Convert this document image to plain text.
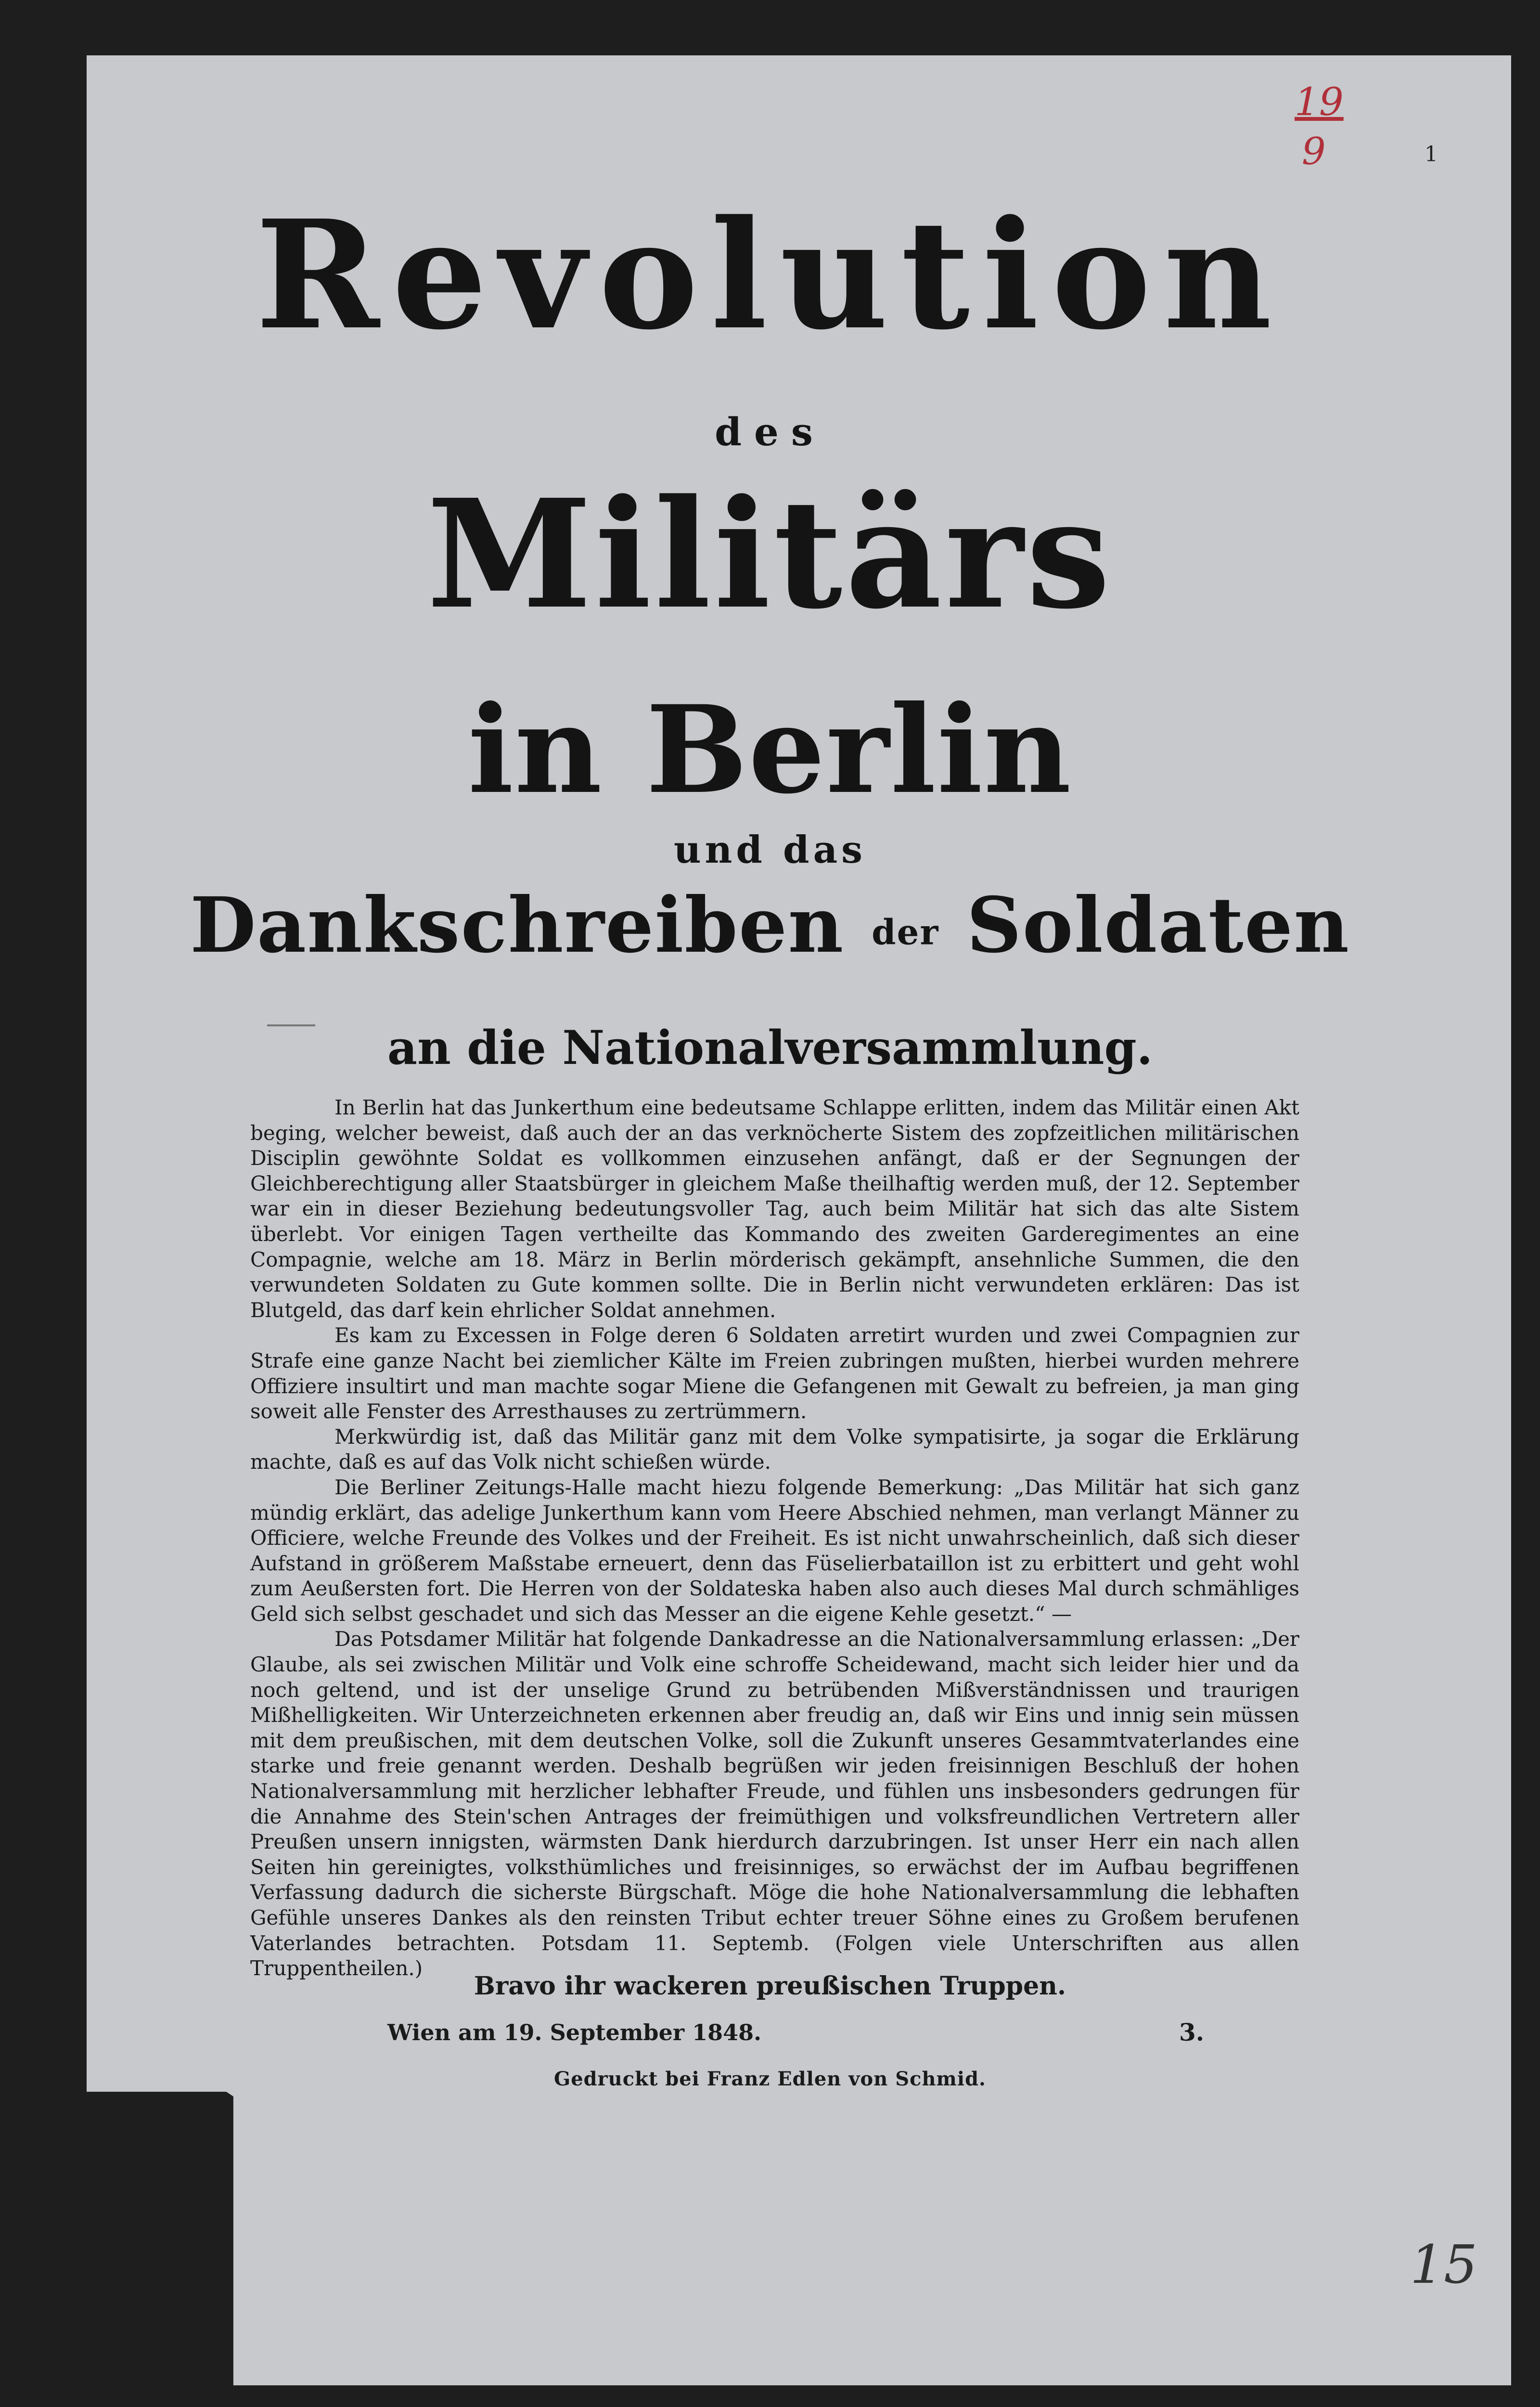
19
9	1
Revolution
des
Militärs
in Berlin
und das
Dankschreiben der Soldaten
an die Nationalversammlung.

In Berlin hat das Junkerthum eine bedeutsame Schlappe erlitten, indem das Militär einen Akt beging, welcher beweist, daß auch der an das verknöcherte Sistem des zopfzeitlichen militärischen Disciplin gewöhnte Soldat es vollkommen einzusehen anfängt, daß er der Segnungen der Gleichberechtigung aller Staatsbürger in gleichem Maße theilhaftig werden muß, der 12. September war ein in dieser Beziehung bedeutungsvoller Tag, auch beim Militär hat sich das alte Sistem überlebt. Vor einigen Tagen vertheilte das Kommando des zweiten Garderegimentes an eine Compagnie, welche am 18. März in Berlin mörderisch gekämpft, ansehnliche Summen, die den verwundeten Soldaten zu Gute kommen sollte. Die in Berlin nicht verwundeten erklären: Das ist Blutgeld, das darf kein ehrlicher Soldat annehmen.

Es kam zu Excessen in Folge deren 6 Soldaten arretirt wurden und zwei Compagnien zur Strafe eine ganze Nacht bei ziemlicher Kälte im Freien zubringen mußten, hierbei wurden mehrere Offiziere insultirt und man machte sogar Miene die Gefangenen mit Gewalt zu befreien, ja man ging soweit alle Fenster des Arresthauses zu zertrümmern.

Merkwürdig ist, daß das Militär ganz mit dem Volke sympatisirte, ja sogar die Erklärung machte, daß es auf das Volk nicht schießen würde.

Die Berliner Zeitungs-Halle macht hiezu folgende Bemerkung: „Das Militär hat sich ganz mündig erklärt, das adelige Junkerthum kann vom Heere Abschied nehmen, man verlangt Männer zu Officiere, welche Freunde des Volkes und der Freiheit. Es ist nicht unwahrscheinlich, daß sich dieser Aufstand in größerem Maßstabe erneuert, denn das Füselierbataillon ist zu erbittert und geht wohl zum Aeußersten fort. Die Herren von der Soldateska haben also auch dieses Mal durch schmähliges Geld sich selbst geschadet und sich das Messer an die eigene Kehle gesetzt.“ —

Das Potsdamer Militär hat folgende Dankadresse an die Nationalversammlung erlassen: „Der Glaube, als sei zwischen Militär und Volk eine schroffe Scheidewand, macht sich leider hier und da noch geltend, und ist der unselige Grund zu betrübenden Mißverständnissen und traurigen Mißhelligkeiten. Wir Unterzeichneten erkennen aber freudig an, daß wir Eins und innig sein müssen mit dem preußischen, mit dem deutschen Volke, soll die Zukunft unseres Gesammtvaterlandes eine starke und freie genannt werden. Deshalb begrüßen wir jeden freisinnigen Beschluß der hohen Nationalversammlung mit herzlicher lebhafter Freude, und fühlen uns insbesonders gedrungen für die Annahme des Stein'schen Antrages der freimüthigen und volksfreundlichen Vertretern aller Preußen unsern innigsten, wärmsten Dank hierdurch darzubringen. Ist unser Herr ein nach allen Seiten hin gereinigtes, volksthümliches und freisinniges, so erwächst der im Aufbau begriffenen Verfassung dadurch die sicherste Bürgschaft. Möge die hohe Nationalversammlung die lebhaften Gefühle unseres Dankes als den reinsten Tribut echter treuer Söhne eines zu Großem berufenen Vaterlandes betrachten. Potsdam 11. Septemb. (Folgen viele Unterschriften aus allen Truppentheilen.)

Bravo ihr wackeren preußischen Truppen.
Wien am 19. September 1848.	3.
Gedruckt bei Franz Edlen von Schmid.
15
